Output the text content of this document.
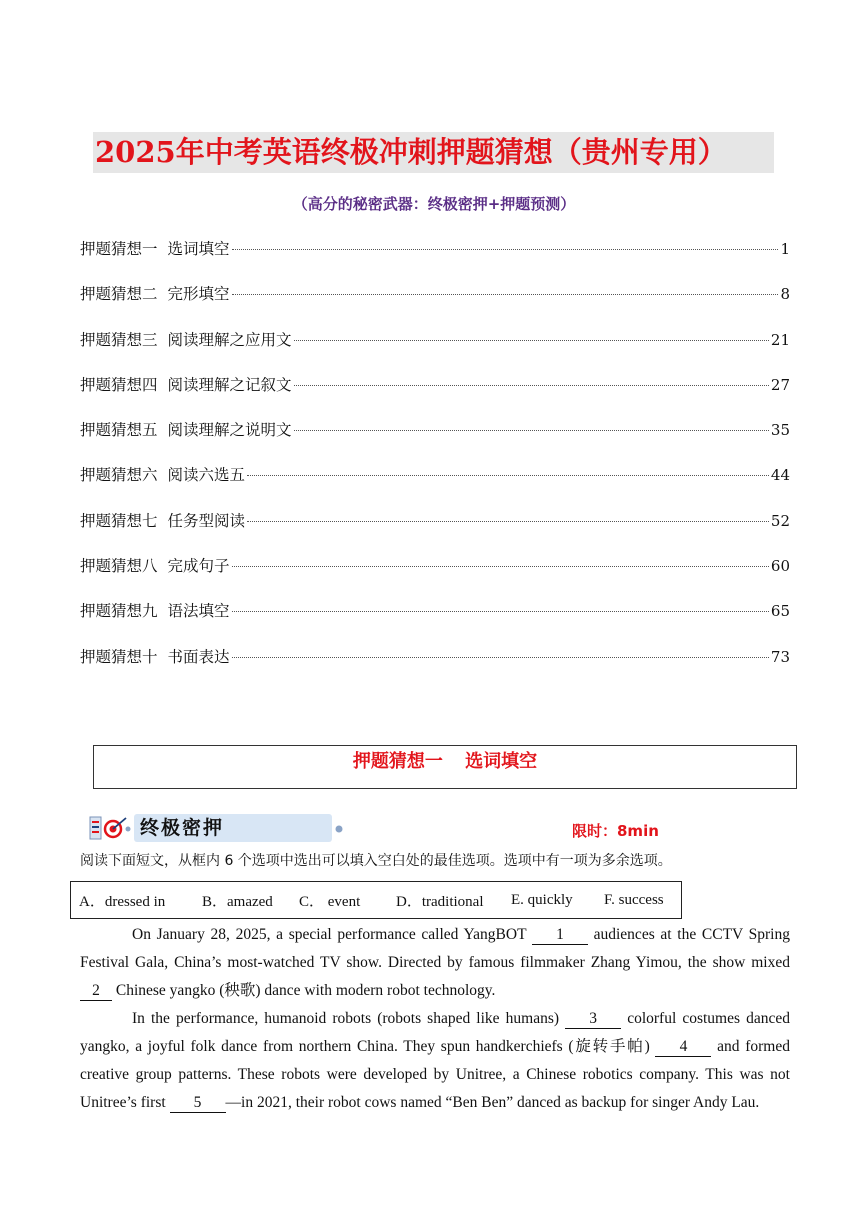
2025年中考英语终极冲刺押题猜想（贵州专用）
（高分的秘密武器：终极密押+押题预测）
押题猜想一 选词填空	1
押题猜想二 完形填空	8
押题猜想三 阅读理解之应用文	21
押题猜想四 阅读理解之记叙文	27
押题猜想五 阅读理解之说明文	35
押题猜想六 阅读六选五	44
押题猜想七 任务型阅读	52
押题猜想八 完成句子	60
押题猜想九 语法填空	65
押题猜想十 书面表达	73
押题猜想一 选词填空
终极密押	限时：8min
阅读下面短文，从框内 6 个选项中选出可以填入空白处的最佳选项。选项中有一项为多余选项。
A．dressed in	B．amazed	C． event	D．traditional	E. quickly	F. success

On January 28, 2025, a special performance called YangBOT 1 audiences at the CCTV Spring Festival Gala, China’s most-watched TV show. Directed by famous filmmaker Zhang Yimou, the show mixed 2 Chinese yangko (秧歌) dance with modern robot technology.

In the performance, humanoid robots (robots shaped like humans) 3 colorful costumes danced yangko, a joyful folk dance from northern China. They spun handkerchiefs (旋转手帕) 4 and formed creative group patterns. These robots were developed by Unitree, a Chinese robotics company. This was not Unitree’s first 5 —in 2021, their robot cows named “Ben Ben” danced as backup for singer Andy Lau.
